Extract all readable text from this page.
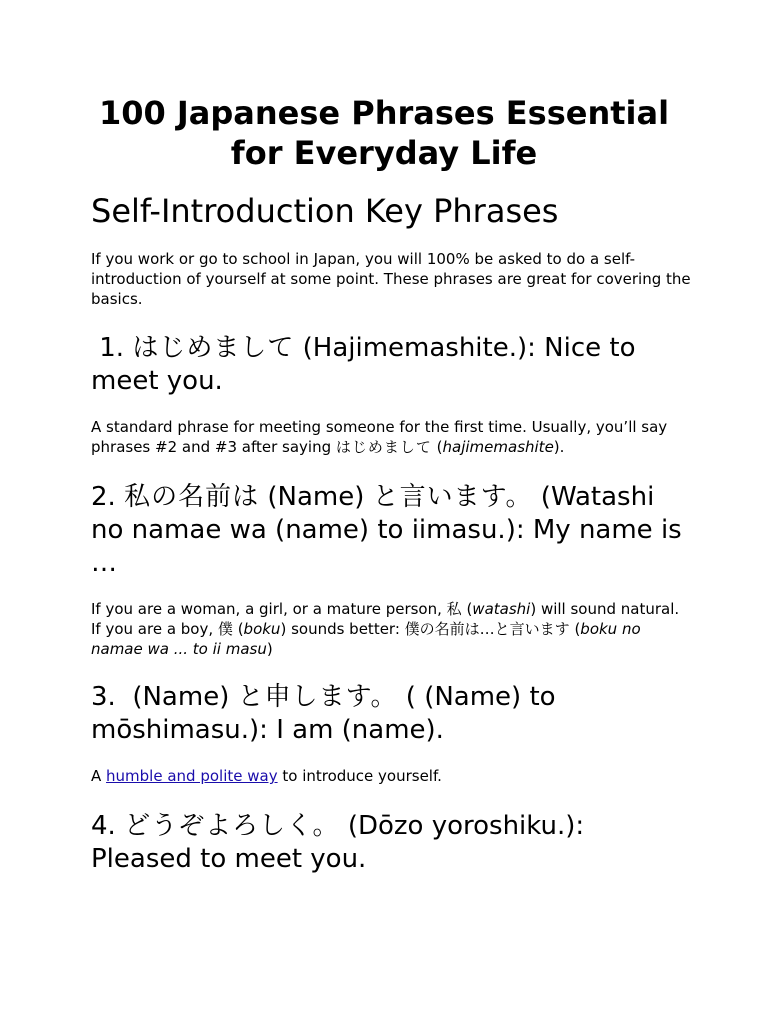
100 Japanese Phrases Essential for Everyday Life
Self-Introduction Key Phrases

If you work or go to school in Japan, you will 100% be asked to do a self-introduction of yourself at some point. These phrases are great for covering the basics.

1. はじめまして (Hajimemashite.): Nice to meet you.

A standard phrase for meeting someone for the first time. Usually, you’ll say phrases #2 and #3 after saying はじめまして (hajimemashite).

2. 私の名前は (Name) と言います。 (Watashi no namae wa (name) to iimasu.): My name is …

If you are a woman, a girl, or a mature person, 私 (watashi) will sound natural. If you are a boy, 僕 (boku) sounds better: 僕の名前は…と言います (boku no namae wa ... to ii masu)

3.  (Name) と申します。 ( (Name) to mōshimasu.): I am (name).

A humble and polite way to introduce yourself.

4. どうぞよろしく。 (Dōzo yoroshiku.): Pleased to meet you.
